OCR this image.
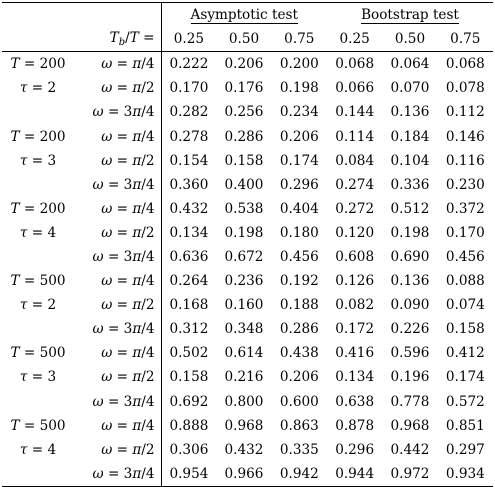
		Asymptotic test			Bootstrap test		
	$T_b/T$ =	0.25	0.50	0.75	0.25	0.50	0.75
T = 200	ω = π/4	0.222	0.206	0.200	0.068	0.064	0.068
τ = 2	ω = π/2	0.170	0.176	0.198	0.066	0.070	0.078
	ω = 3π/4	0.282	0.256	0.234	0.144	0.136	0.112
T = 200	ω = π/4	0.278	0.286	0.206	0.114	0.184	0.146
τ = 3	ω = π/2	0.154	0.158	0.174	0.084	0.104	0.116
	ω = 3π/4	0.360	0.400	0.296	0.274	0.336	0.230
T = 200	ω = π/4	0.432	0.538	0.404	0.272	0.512	0.372
τ = 4	ω = π/2	0.134	0.198	0.180	0.120	0.198	0.170
	ω = 3π/4	0.636	0.672	0.456	0.608	0.690	0.456
T = 500	ω = π/4	0.264	0.236	0.192	0.126	0.136	0.088
τ = 2	ω = π/2	0.168	0.160	0.188	0.082	0.090	0.074
	ω = 3π/4	0.312	0.348	0.286	0.172	0.226	0.158
T = 500	ω = π/4	0.502	0.614	0.438	0.416	0.596	0.412
τ = 3	ω = π/2	0.158	0.216	0.206	0.134	0.196	0.174
	ω = 3π/4	0.692	0.800	0.600	0.638	0.778	0.572
T = 500	ω = π/4	0.888	0.968	0.863	0.878	0.968	0.851
τ = 4	ω = π/2	0.306	0.432	0.335	0.296	0.442	0.297
	ω = 3π/4	0.954	0.966	0.942	0.944	0.972	0.934
